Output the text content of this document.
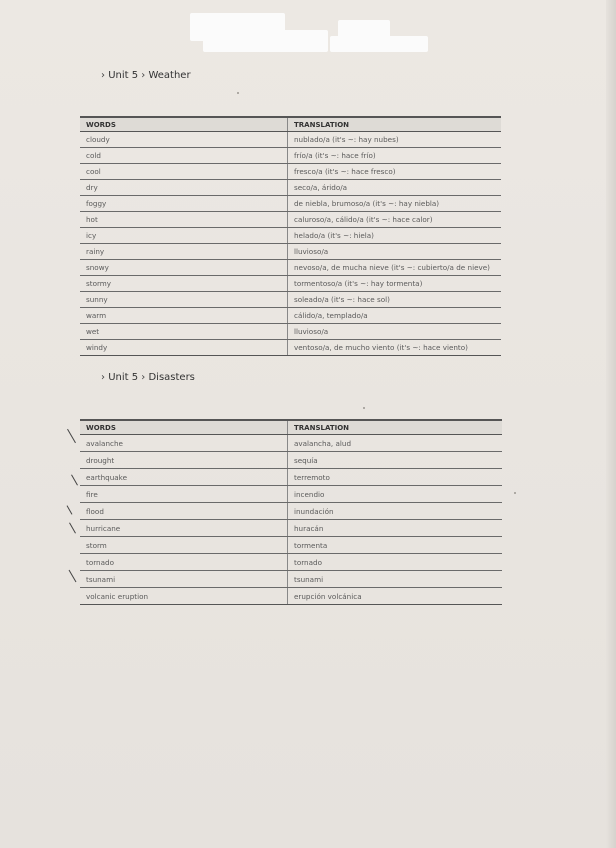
› Unit 5 › Weather
WORDS	TRANSLATION
cloudy	nublado/a (it's ~: hay nubes)
cold	frío/a (it's ~: hace frío)
cool	fresco/a (it's ~: hace fresco)
dry	seco/a, árido/a
foggy	de niebla, brumoso/a (it's ~: hay niebla)
hot	caluroso/a, cálido/a (it's ~: hace calor)
icy	helado/a (it's ~: hiela)
rainy	lluvioso/a
snowy	nevoso/a, de mucha nieve (it's ~: cubierto/a de nieve)
stormy	tormentoso/a (it's ~: hay tormenta)
sunny	soleado/a (it's ~: hace sol)
warm	cálido/a, templado/a
wet	lluvioso/a
windy	ventoso/a, de mucho viento (it's ~: hace viento)
› Unit 5 › Disasters
WORDS	TRANSLATION
avalanche	avalancha, alud
drought	sequía
earthquake	terremoto
fire	incendio
flood	inundación
hurricane	huracán
storm	tormenta
tornado	tornado
tsunami	tsunami
volcanic eruption	erupción volcánica
